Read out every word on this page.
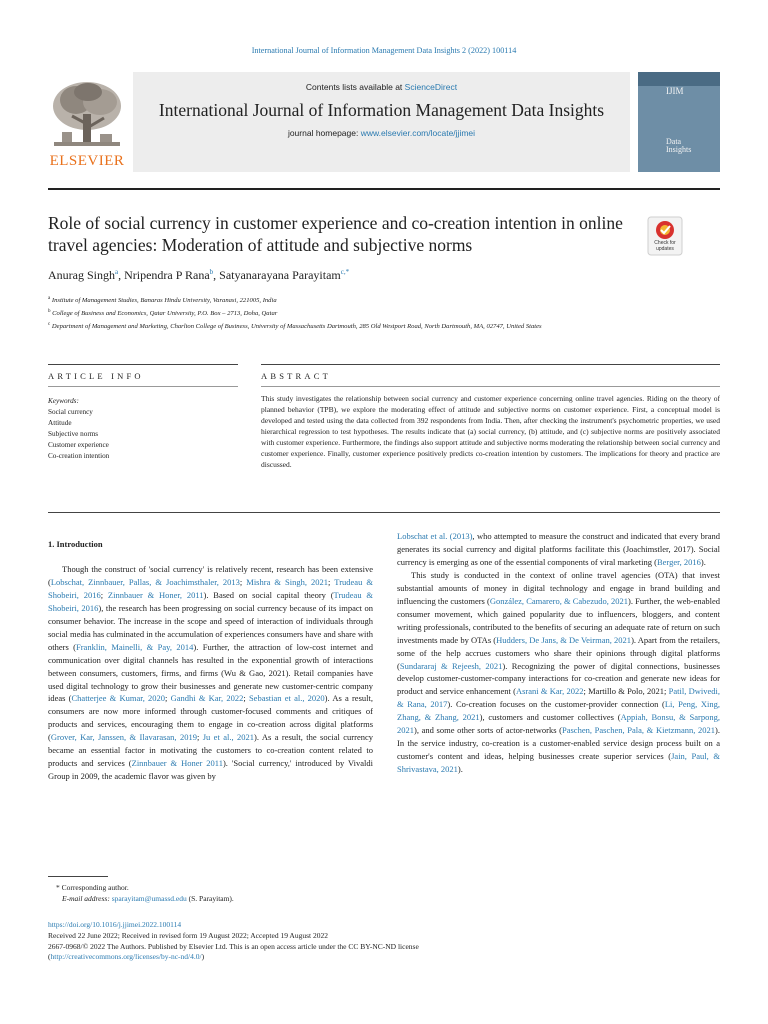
International Journal of Information Management Data Insights 2 (2022) 100114
ELSEVIER
Contents lists available at ScienceDirect
International Journal of Information Management Data Insights
journal homepage: www.elsevier.com/locate/jjimei
IJIM
Data
Insights
Role of social currency in customer experience and co-creation intention in online travel agencies: Moderation of attitude and subjective norms	Check for updates
Anurag Singh$^a$, Nripendra P Rana$^b$, Satyanarayana Parayitam$^{c,*}$
$^a$ Institute of Management Studies, Banaras Hindu University, Varanasi, 221005, India
$^b$ College of Business and Economics, Qatar University, P.O. Box – 2713, Doha, Qatar
$^c$ Department of Management and Marketing, Charlton College of Business, University of Massachusetts Dartmouth, 285 Old Westport Road, North Dartmouth, MA, 02747, United States
ARTICLE INFO	ABSTRACT
Keywords:
Social currency
Attitude
Subjective norms
Customer experience
Co-creation intention
This study investigates the relationship between social currency and customer experience concerning online travel agencies. Riding on the theory of planned behavior (TPB), we explore the moderating effect of attitude and subjective norms on customer experience. First, a conceptual model is developed and tested using the data collected from 392 respondents from India. Then, after checking the instrument's psychometric properties, we used hierarchical regression to test hypotheses. The results indicate that (a) social currency, (b) attitude, and (c) subjective norms are positively associated with customer experience. Furthermore, the findings also support attitude and subjective norms moderating the relationship between social currency and customer experience. Finally, customer experience positively predicts co-creation intention by customers. The implications for theory and practice are discussed.
1. Introduction

Though the construct of 'social currency' is relatively recent, research has been extensive (Lobschat, Zinnbauer, Pallas, & Joachimsthaler, 2013; Mishra & Singh, 2021; Trudeau & Shobeiri, 2016; Zinnbauer & Honer, 2011). Based on social capital theory (Trudeau & Shobeiri, 2016), the research has been progressing on social currency because of its impact on consumer behavior. The increase in the scope and speed of interaction of individuals through social media has culminated in the accumulation of experiences consumers have and share with others (Franklin, Mainelli, & Pay, 2014). Further, the attraction of low-cost internet and communication over digital channels has resulted in the exponential growth of interactions between consumers, customers, firms, and firms (Wu & Gao, 2021). Retail companies have used digital technology to grow their businesses and generate new customer-centric company ideas (Chatterjee & Kumar, 2020; Gandhi & Kar, 2022; Sebastian et al., 2020). As a result, consumers are now more informed through customer-focused comments and critiques of products and services, encouraging them to engage in co-creation across digital platforms (Grover, Kar, Janssen, & Ilavarasan, 2019; Ju et al., 2021). As a result, the social currency became an essential factor in motivating the customers to co-creation content related to products and services (Zinnbauer & Honer 2011). 'Social currency,' introduced by Vivaldi Group in 2009, the academic flavor was given by

Lobschat et al. (2013), who attempted to measure the construct and indicated that every brand generates its social currency and digital platforms facilitate this (Joachimstler, 2017). Social currency is emerging as one of the essential components of viral marketing (Berger, 2016).

This study is conducted in the context of online travel agencies (OTA) that invest substantial amounts of money in digital technology and engage in brand building and influencing the customers (González, Camarero, & Cabezudo, 2021). Further, the web-enabled consumer movement, which gained popularity due to influencers, bloggers, and content writing professionals, contributed to the benefits of securing an adequate rate of return on such investments made by OTAs (Hudders, De Jans, & De Veirman, 2021). Apart from the retailers, some of the help accrues customers who share their opinions through digital platforms (Sundararaj & Rejeesh, 2021). Recognizing the power of digital connections, businesses develop customer-customer-company interactions for co-creation and generate new ideas for product and service enhancement (Asrani & Kar, 2022; Martillo & Polo, 2021; Patil, Dwivedi, & Rana, 2017). Co-creation focuses on the customer-provider connection (Li, Peng, Xing, Zhang, & Zhang, 2021), customers and customer collectives (Appiah, Bonsu, & Sarpong, 2021), and some other sorts of actor-networks (Paschen, Paschen, Pala, & Kietzmann, 2021). In the service industry, co-creation is a customer-enabled service design process built on a customer's content and ideas, helping businesses create superior services (Jain, Paul, & Shrivastava, 2021).

* Corresponding author.
E-mail address: sparayitam@umassd.edu (S. Parayitam).
https://doi.org/10.1016/j.jjimei.2022.100114
Received 22 June 2022; Received in revised form 19 August 2022; Accepted 19 August 2022
2667-0968/© 2022 The Authors. Published by Elsevier Ltd. This is an open access article under the CC BY-NC-ND license
(http://creativecommons.org/licenses/by-nc-nd/4.0/)
